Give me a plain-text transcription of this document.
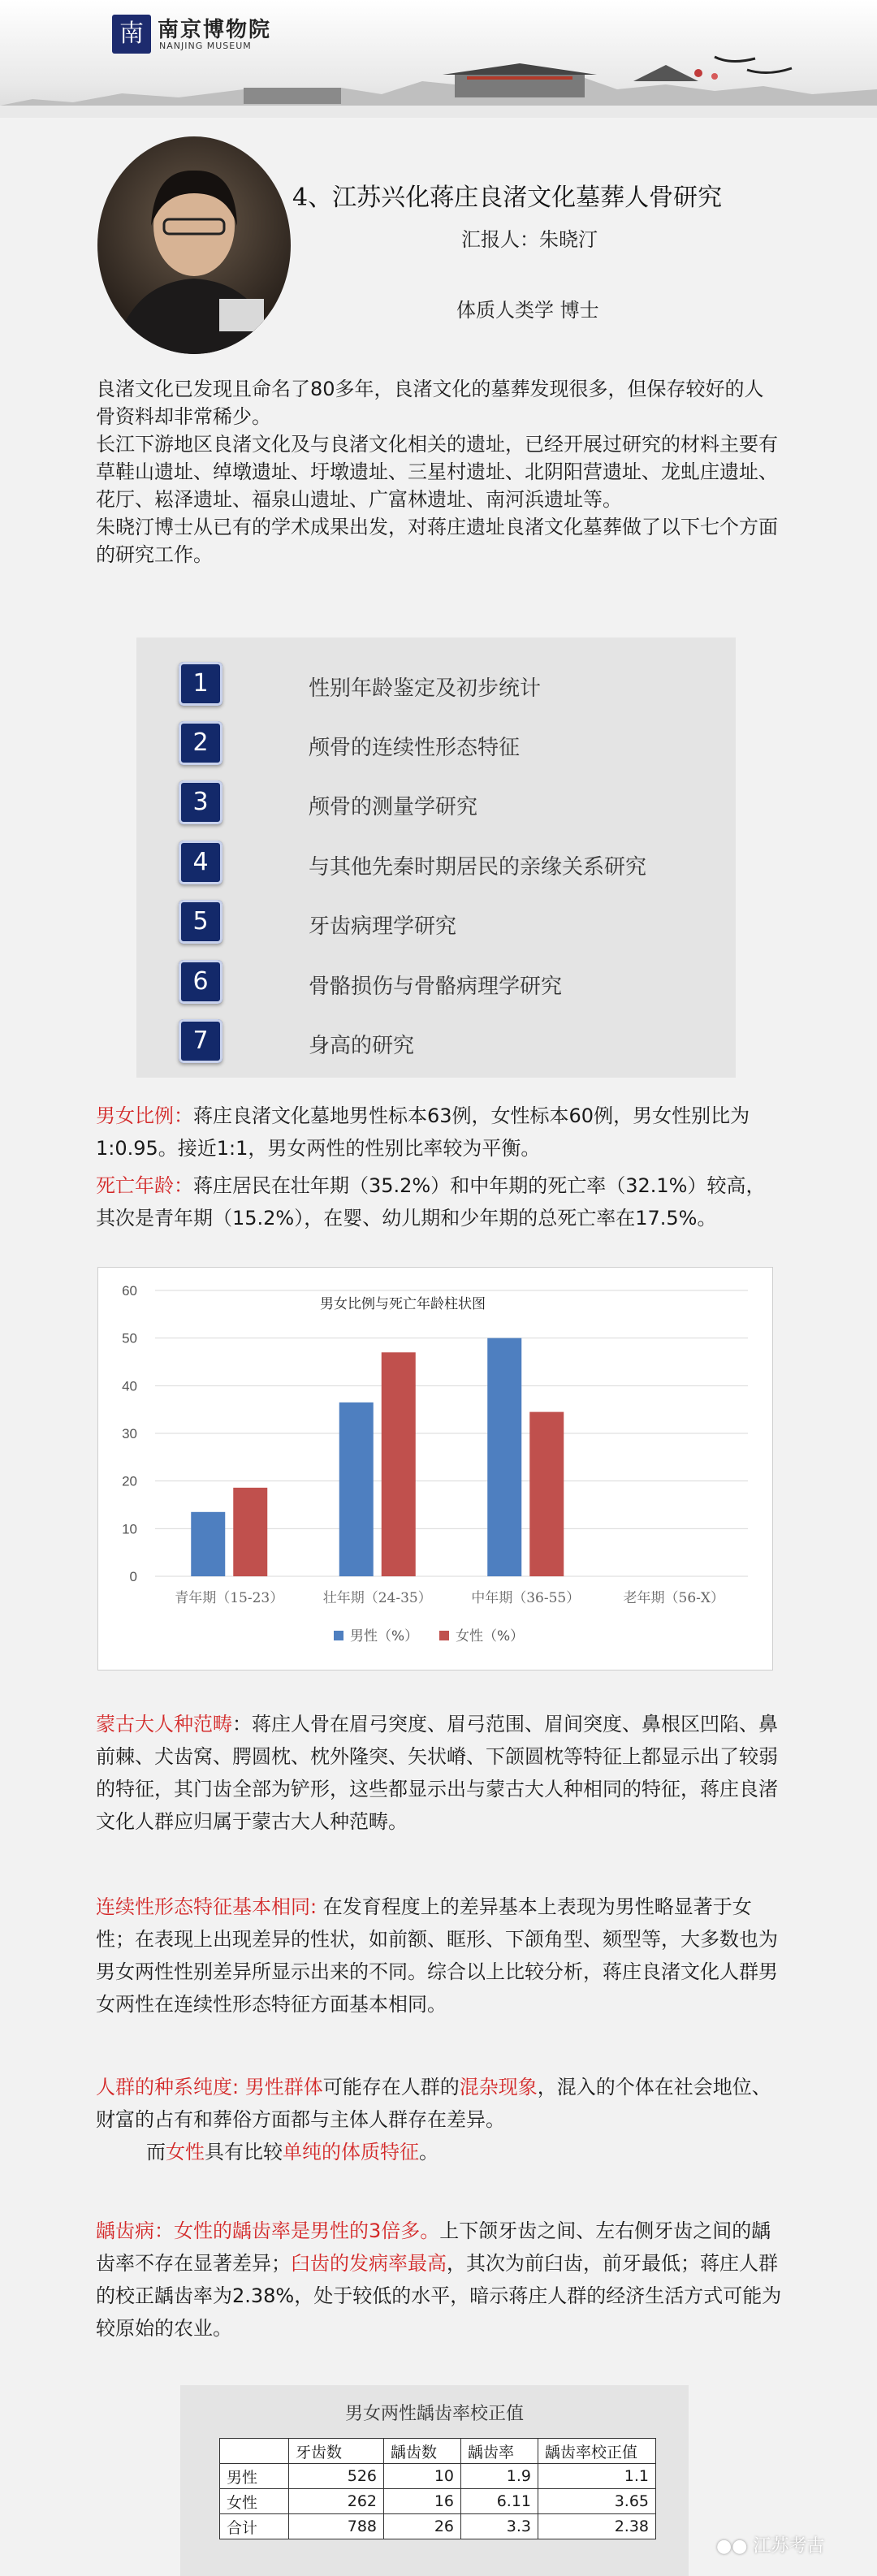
南 南京博物院
NANJING MUSEUM
4、江苏兴化蒋庄良渚文化墓葬人骨研究
汇报人：朱晓汀
体质人类学 博士
良渚文化已发现且命名了80多年，良渚文化的墓葬发现很多，但保存较好的人骨资料却非常稀少。
长江下游地区良渚文化及与良渚文化相关的遗址，已经开展过研究的材料主要有草鞋山遗址、绰墩遗址、圩墩遗址、三星村遗址、北阴阳营遗址、龙虬庄遗址、花厅、崧泽遗址、福泉山遗址、广富林遗址、南河浜遗址等。
朱晓汀博士从已有的学术成果出发，对蒋庄遗址良渚文化墓葬做了以下七个方面的研究工作。
1	性别年龄鉴定及初步统计
2	颅骨的连续性形态特征
3	颅骨的测量学研究
4	与其他先秦时期居民的亲缘关系研究
5	牙齿病理学研究
6	骨骼损伤与骨骼病理学研究
7	身高的研究
男女比例：蒋庄良渚文化墓地男性标本63例，女性标本60例，男女性别比为1:0.95。接近1:1，男女两性的性别比率较为平衡。
死亡年龄：蒋庄居民在壮年期（35.2%）和中年期的死亡率（32.1%）较高，其次是青年期（15.2%），在婴、幼儿期和少年期的总死亡率在17.5%。
0
10
20
30
40
50
60
男女比例与死亡年龄柱状图
青年期（15-23）	壮年期（24-35）	中年期（36-55）	老年期（56-X）
男性（%）	女性（%）
蒙古大人种范畴：蒋庄人骨在眉弓突度、眉弓范围、眉间突度、鼻根区凹陷、鼻前棘、犬齿窝、腭圆枕、枕外隆突、矢状嵴、下颌圆枕等特征上都显示出了较弱的特征，其门齿全部为铲形，这些都显示出与蒙古大人种相同的特征，蒋庄良渚文化人群应归属于蒙古大人种范畴。
连续性形态特征基本相同: 在发育程度上的差异基本上表现为男性略显著于女性；在表现上出现差异的性状，如前额、眶形、下颌角型、颏型等，大多数也为男女两性性别差异所显示出来的不同。综合以上比较分析，蒋庄良渚文化人群男女两性在连续性形态特征方面基本相同。
人群的种系纯度: 男性群体可能存在人群的混杂现象，混入的个体在社会地位、财富的占有和葬俗方面都与主体人群存在差异。
而女性具有比较单纯的体质特征。
龋齿病：女性的龋齿率是男性的3倍多。上下颌牙齿之间、左右侧牙齿之间的龋齿率不存在显著差异；臼齿的发病率最高，其次为前臼齿，前牙最低；蒋庄人群的校正龋齿率为2.38%，处于较低的水平，暗示蒋庄人群的经济生活方式可能为较原始的农业。
男女两性龋齿率校正值
	牙齿数	龋齿数	龋齿率	龋齿率校正值
男性	526	10	1.9	1.1
女性	262	16	6.11	3.65
合计	788	26	3.3	2.38
●● 江苏考古
